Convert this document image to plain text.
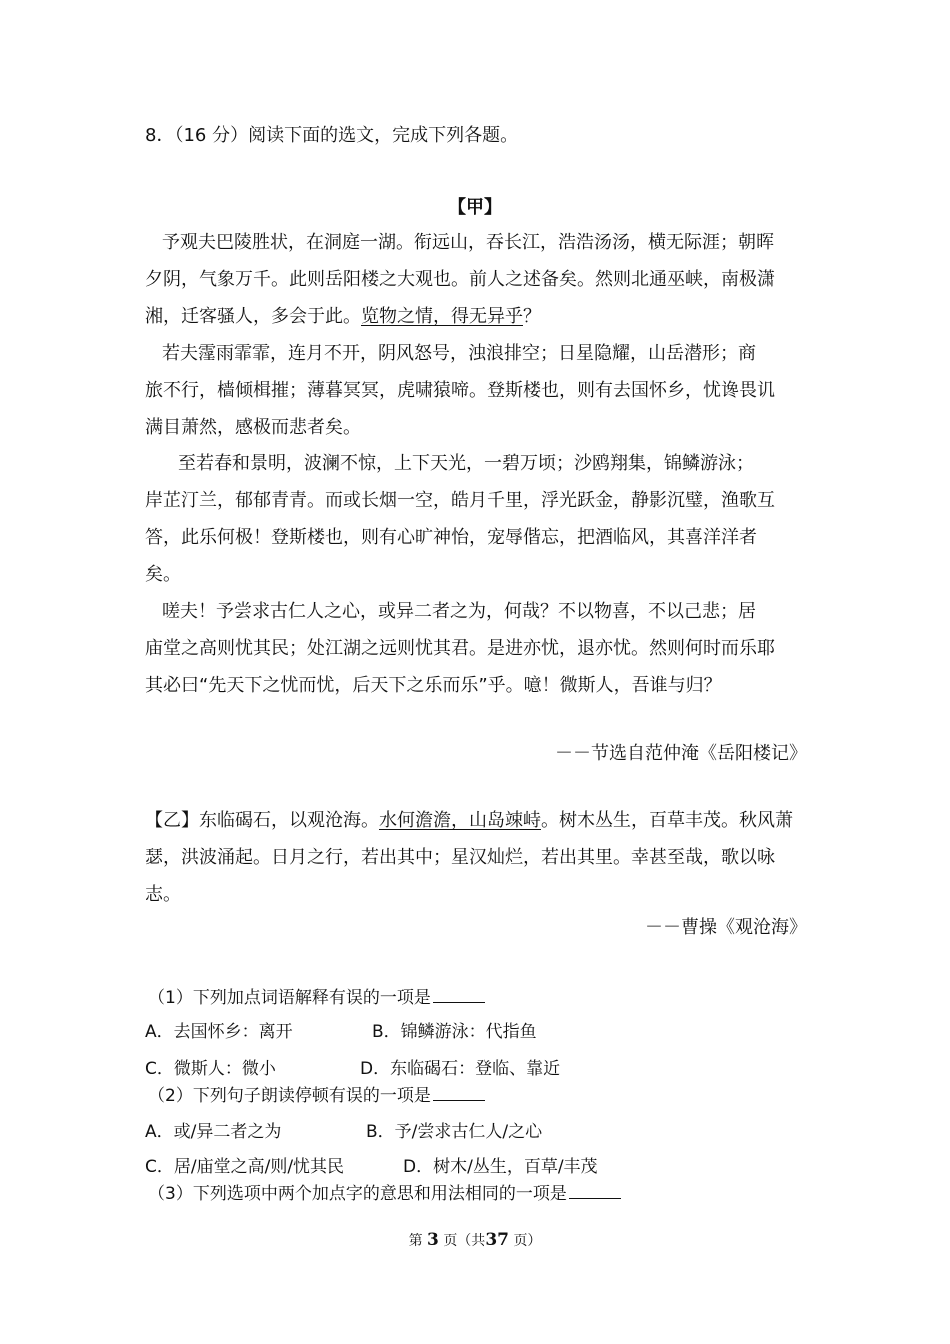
8．（16 分）阅读下面的选文，完成下列各题。
【甲】
予观夫巴陵胜状，在洞庭一湖。衔远山，吞长江，浩浩汤汤，横无际涯；朝晖
夕阴，气象万千。此则岳阳楼之大观也。前人之述备矣。然则北通巫峡，南极潇
湘，迁客骚人，多会于此。览物之情，得无异乎？
若夫霪雨霏霏，连月不开，阴风怒号，浊浪排空；日星隐耀，山岳潜形；商
旅不行，樯倾楫摧；薄暮冥冥，虎啸猿啼。登斯楼也，则有去国怀乡，忧谗畏讥
满目萧然，感极而悲者矣。
至若春和景明，波澜不惊，上下天光，一碧万顷；沙鸥翔集，锦鳞游泳；
岸芷汀兰，郁郁青青。而或长烟一空，皓月千里，浮光跃金，静影沉璧，渔歌互
答，此乐何极！登斯楼也，则有心旷神怡，宠辱偕忘，把酒临风，其喜洋洋者
矣。
嗟夫！予尝求古仁人之心，或异二者之为，何哉？不以物喜，不以己悲；居
庙堂之高则忧其民；处江湖之远则忧其君。是进亦忧，退亦忧。然则何时而乐耶
其必曰“先天下之忧而忧，后天下之乐而乐”乎。噫！微斯人，吾谁与归？
－－节选自范仲淹《岳阳楼记》
【乙】东临碣石，以观沧海。水何澹澹，山岛竦峙。树木丛生，百草丰茂。秋风萧
瑟，洪波涌起。日月之行，若出其中；星汉灿烂，若出其里。幸甚至哉，歌以咏
志。
－－曹操《观沧海》
（1）下列加点词语解释有误的一项是
A．去国怀乡：离开	B．锦鳞游泳：代指鱼
C．微斯人：微小	D．东临碣石：登临、靠近
（2）下列句子朗读停顿有误的一项是
A．或/异二者之为	B．予/尝求古仁人/之心
C．居/庙堂之高/则/忧其民	D．树木/丛生，百草/丰茂
（3）下列选项中两个加点字的意思和用法相同的一项是
第 3 页（共37 页）
